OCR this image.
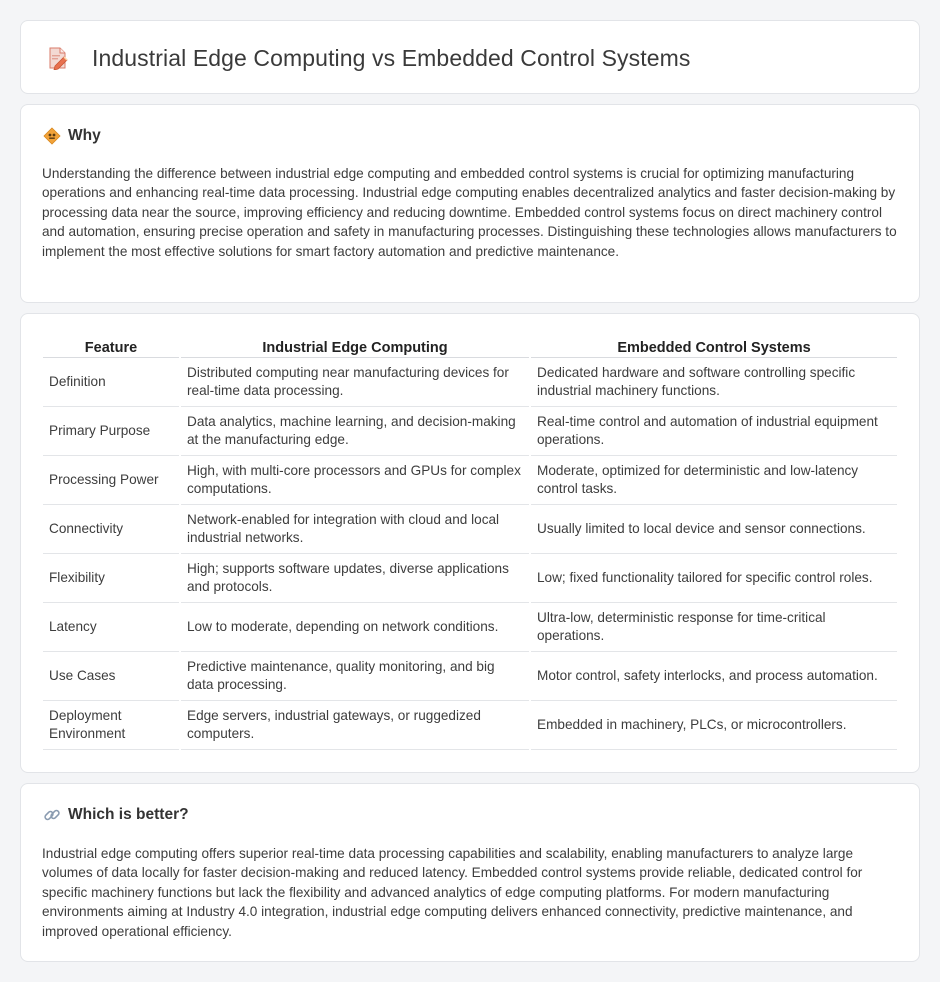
Industrial Edge Computing vs Embedded Control Systems
Why

Understanding the difference between industrial edge computing and embedded control systems is crucial for optimizing manufacturing operations and enhancing real-time data processing. Industrial edge computing enables decentralized analytics and faster decision-making by processing data near the source, improving efficiency and reducing downtime. Embedded control systems focus on direct machinery control and automation, ensuring precise operation and safety in manufacturing processes. Distinguishing these technologies allows manufacturers to implement the most effective solutions for smart factory automation and predictive maintenance.

Feature	Industrial Edge Computing	Embedded Control Systems
Definition	Distributed computing near manufacturing devices for real-time data processing.	Dedicated hardware and software controlling specific industrial machinery functions.
Primary Purpose	Data analytics, machine learning, and decision-making at the manufacturing edge.	Real-time control and automation of industrial equipment operations.
Processing Power	High, with multi-core processors and GPUs for complex computations.	Moderate, optimized for deterministic and low-latency control tasks.
Connectivity	Network-enabled for integration with cloud and local industrial networks.	Usually limited to local device and sensor connections.
Flexibility	High; supports software updates, diverse applications and protocols.	Low; fixed functionality tailored for specific control roles.
Latency	Low to moderate, depending on network conditions.	Ultra-low, deterministic response for time-critical operations.
Use Cases	Predictive maintenance, quality monitoring, and big data processing.	Motor control, safety interlocks, and process automation.
Deployment Environment	Edge servers, industrial gateways, or ruggedized computers.	Embedded in machinery, PLCs, or microcontrollers.
Which is better?

Industrial edge computing offers superior real-time data processing capabilities and scalability, enabling manufacturers to analyze large volumes of data locally for faster decision-making and reduced latency. Embedded control systems provide reliable, dedicated control for specific machinery functions but lack the flexibility and advanced analytics of edge computing platforms. For modern manufacturing environments aiming at Industry 4.0 integration, industrial edge computing delivers enhanced connectivity, predictive maintenance, and improved operational efficiency.
